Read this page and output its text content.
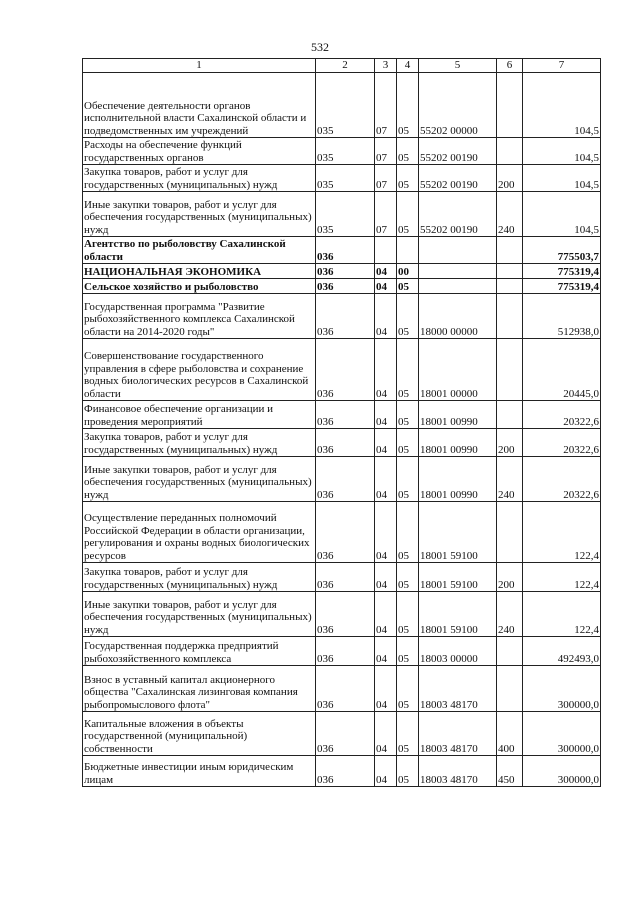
532
1	2	3	4	5	6	7
Обеспечение деятельности органов исполнительной власти Сахалинской области и подведомственных им учреждений	035	07	05	55202 00000		104,5
Расходы на обеспечение функций государственных органов	035	07	05	55202 00190		104,5
Закупка товаров, работ и услуг для государственных (муниципальных) нужд	035	07	05	55202 00190	200	104,5
Иные закупки товаров, работ и услуг для обеспечения государственных (муниципальных) нужд	035	07	05	55202 00190	240	104,5
Агентство по рыболовству Сахалинской области	036					775503,7
НАЦИОНАЛЬНАЯ ЭКОНОМИКА	036	04	00			775319,4
Сельское хозяйство и рыболовство	036	04	05			775319,4
Государственная программа "Развитие рыбохозяйственного комплекса Сахалинской области на 2014-2020 годы"	036	04	05	18000 00000		512938,0
Совершенствование государственного управления в сфере рыболовства и сохранение водных биологических ресурсов в Сахалинской области	036	04	05	18001 00000		20445,0
Финансовое обеспечение организации и проведения мероприятий	036	04	05	18001 00990		20322,6
Закупка товаров, работ и услуг для государственных (муниципальных) нужд	036	04	05	18001 00990	200	20322,6
Иные закупки товаров, работ и услуг для обеспечения государственных (муниципальных) нужд	036	04	05	18001 00990	240	20322,6
Осуществление переданных полномочий Российской Федерации в области организации, регулирования и охраны водных биологических ресурсов	036	04	05	18001 59100		122,4
Закупка товаров, работ и услуг для государственных (муниципальных) нужд	036	04	05	18001 59100	200	122,4
Иные закупки товаров, работ и услуг для обеспечения государственных (муниципальных) нужд	036	04	05	18001 59100	240	122,4
Государственная поддержка предприятий рыбохозяйственного комплекса	036	04	05	18003 00000		492493,0
Взнос в уставный капитал акционерного общества "Сахалинская лизинговая компания рыбопромыслового флота"	036	04	05	18003 48170		300000,0
Капитальные вложения в объекты государственной (муниципальной) собственности	036	04	05	18003 48170	400	300000,0
Бюджетные инвестиции иным юридическим лицам	036	04	05	18003 48170	450	300000,0
